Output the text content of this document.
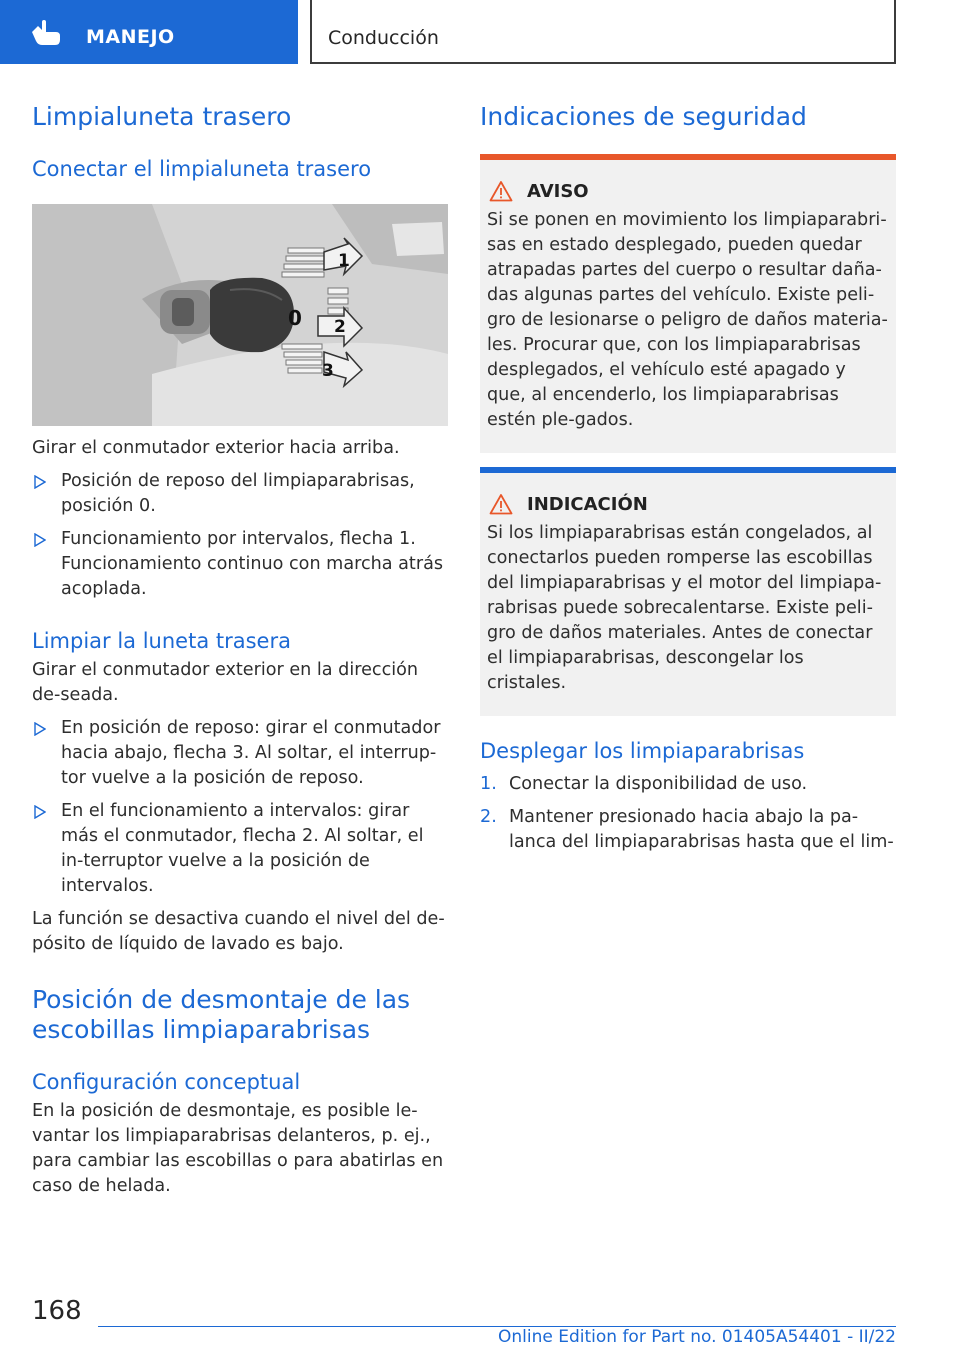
MANEJO	Conducción
Limpialuneta trasero
Conectar el limpialuneta trasero
1
0 2
3

Girar el conmutador exterior hacia arriba.

Posición de reposo del limpiaparabrisas, posición 0.
Funcionamiento por intervalos, flecha 1. Funcionamiento continuo con marcha atrás acoplada.
Limpiar la luneta trasera

Girar el conmutador exterior en la dirección de-seada.

En posición de reposo: girar el conmutador hacia abajo, flecha 3. Al soltar, el interrup-tor vuelve a la posición de reposo.
En el funcionamiento a intervalos: girar más el conmutador, flecha 2. Al soltar, el in-terruptor vuelve a la posición de intervalos.

La función se desactiva cuando el nivel del de-pósito de líquido de lavado es bajo.

Posición de desmontaje de las escobillas limpiaparabrisas
Configuración conceptual

En la posición de desmontaje, es posible le-vantar los limpiaparabrisas delanteros, p. ej., para cambiar las escobillas o para abatirlas en caso de helada.

Indicaciones de seguridad
AVISO

Si se ponen en movimiento los limpiaparabri-sas en estado desplegado, pueden quedar atrapadas partes del cuerpo o resultar daña-das algunas partes del vehículo. Existe peli-gro de lesionarse o peligro de daños materia-les. Procurar que, con los limpiaparabrisas desplegados, el vehículo esté apagado y que, al encenderlo, los limpiaparabrisas estén ple-gados.

INDICACIÓN

Si los limpiaparabrisas están congelados, al conectarlos pueden romperse las escobillas del limpiaparabrisas y el motor del limpiapa-rabrisas puede sobrecalentarse. Existe peli-gro de daños materiales. Antes de conectar el limpiaparabrisas, descongelar los cristales.

Desplegar los limpiaparabrisas
1. Conectar la disponibilidad de uso.
2. Mantener presionado hacia abajo la pa-lanca del limpiaparabrisas hasta que el lim-
168
Online Edition for Part no. 01405A54401 - II/22
